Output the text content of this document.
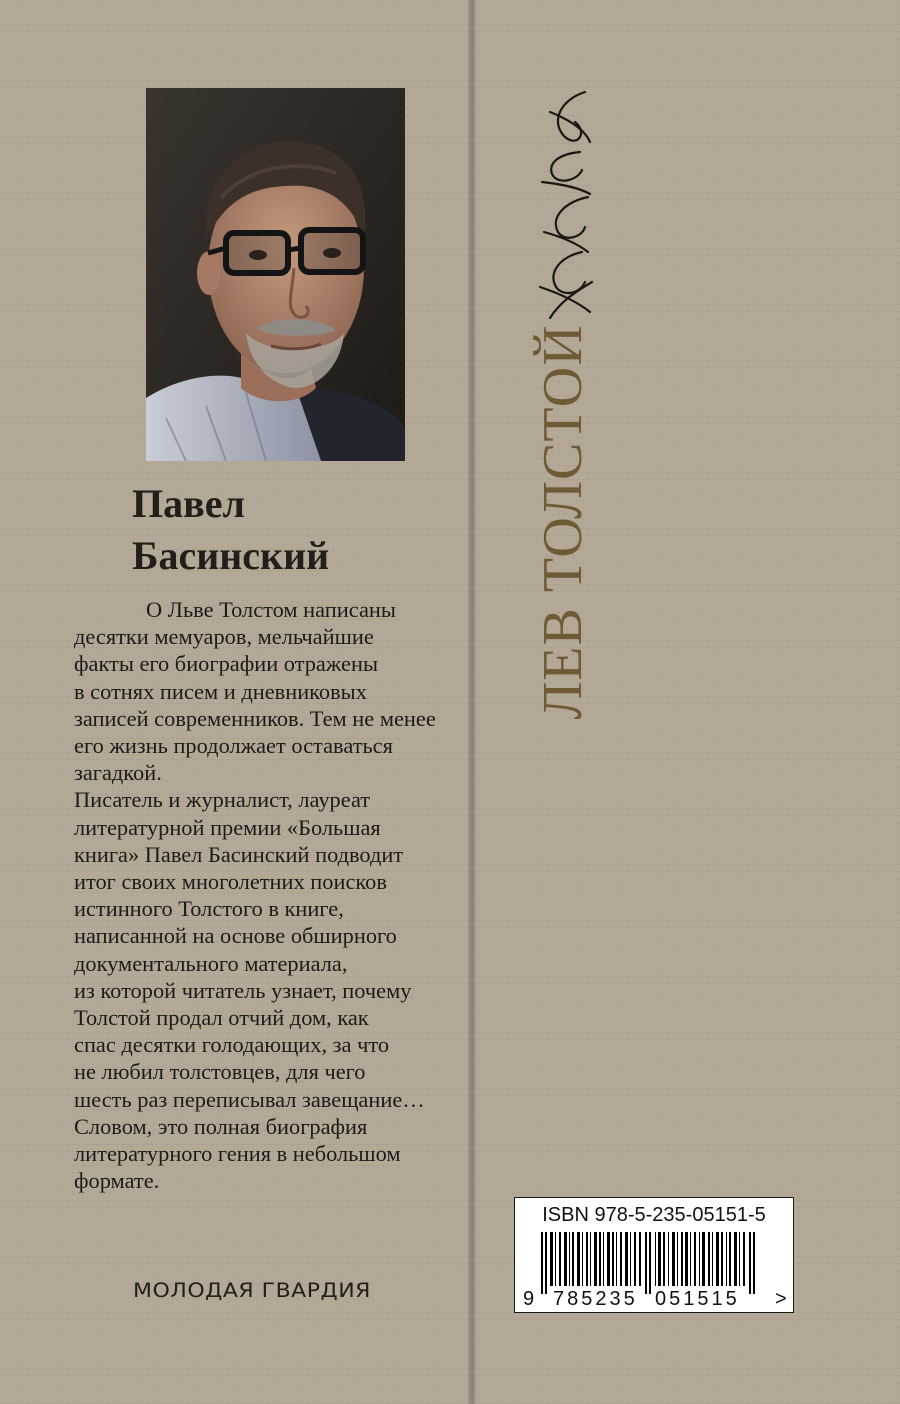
Павел
Басинский

О Льве Толстом написаны
десятки мемуаров, мельчайшие
факты его биографии отражены
в сотнях писем и дневниковых
записей современников. Тем не менее
его жизнь продолжает оставаться
загадкой.

Писатель и журналист, лауреат
литературной премии «Большая
книга» Павел Басинский подводит
итог своих многолетних поисков
истинного Толстого в книге,
написанной на основе обширного
документального материала,
из которой читатель узнает, почему
Толстой продал отчий дом, как
спас десятки голодающих, за что
не любил толстовцев, для чего
шесть раз переписывал завещание…
Словом, это полная биография
литературного гения в небольшом
формате.

МОЛОДАЯ ГВАРДИЯ
ЛЕВ ТОЛСТОЙ
ISBN 978-5-235-05151-5
9 785235 051515 >
